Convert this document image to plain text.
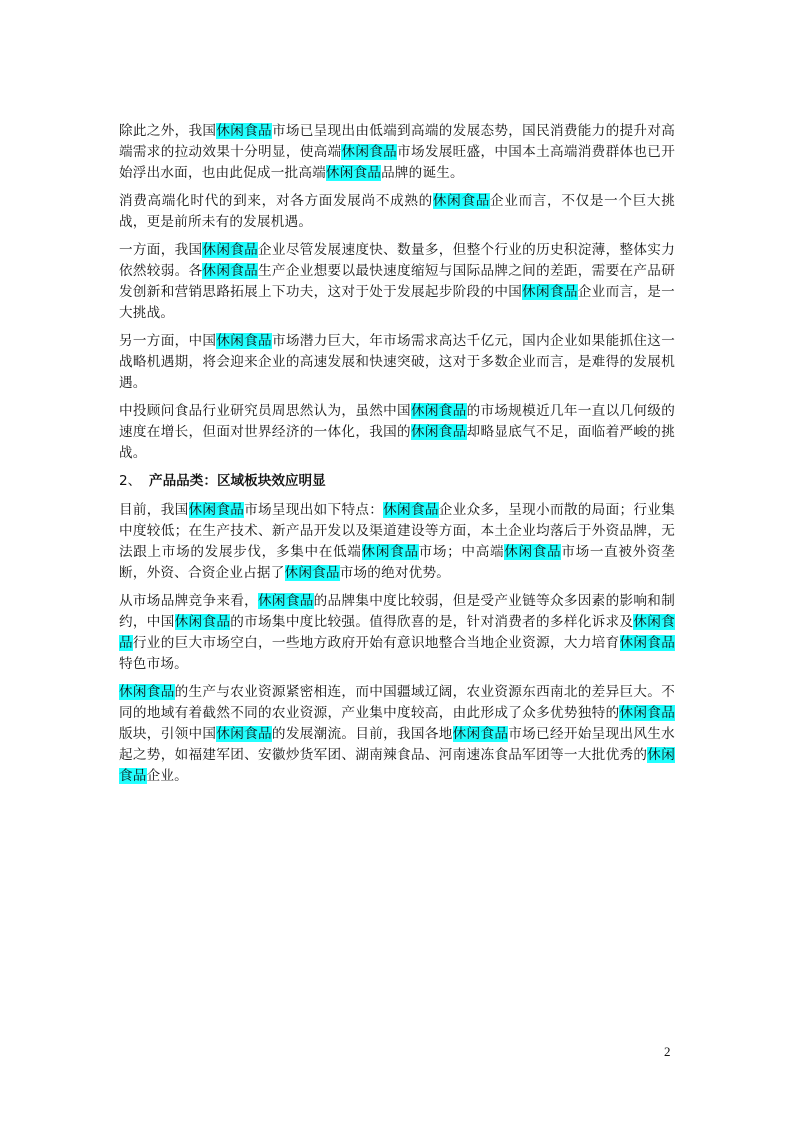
除此之外，我国休闲食品市场已呈现出由低端到高端的发展态势，国民消费能力的提升对高端需求的拉动效果十分明显，使高端休闲食品市场发展旺盛，中国本土高端消费群体也已开始浮出水面，也由此促成一批高端休闲食品品牌的诞生。

消费高端化时代的到来，对各方面发展尚不成熟的休闲食品企业而言，不仅是一个巨大挑战，更是前所未有的发展机遇。

一方面，我国休闲食品企业尽管发展速度快、数量多，但整个行业的历史积淀薄，整体实力依然较弱。各休闲食品生产企业想要以最快速度缩短与国际品牌之间的差距，需要在产品研发创新和营销思路拓展上下功夫，这对于处于发展起步阶段的中国休闲食品企业而言，是一大挑战。

另一方面，中国休闲食品市场潜力巨大，年市场需求高达千亿元，国内企业如果能抓住这一战略机遇期，将会迎来企业的高速发展和快速突破，这对于多数企业而言，是难得的发展机遇。

中投顾问食品行业研究员周思然认为，虽然中国休闲食品的市场规模近几年一直以几何级的速度在增长，但面对世界经济的一体化，我国的休闲食品却略显底气不足，面临着严峻的挑战。

2、 产品品类：区域板块效应明显

目前，我国休闲食品市场呈现出如下特点：休闲食品企业众多，呈现小而散的局面；行业集中度较低；在生产技术、新产品开发以及渠道建设等方面，本土企业均落后于外资品牌，无法跟上市场的发展步伐，多集中在低端休闲食品市场；中高端休闲食品市场一直被外资垄断，外资、合资企业占据了休闲食品市场的绝对优势。

从市场品牌竞争来看，休闲食品的品牌集中度比较弱，但是受产业链等众多因素的影响和制约，中国休闲食品的市场集中度比较强。值得欣喜的是，针对消费者的多样化诉求及休闲食品行业的巨大市场空白，一些地方政府开始有意识地整合当地企业资源，大力培育休闲食品特色市场。

休闲食品的生产与农业资源紧密相连，而中国疆域辽阔，农业资源东西南北的差异巨大。不同的地域有着截然不同的农业资源，产业集中度较高，由此形成了众多优势独特的休闲食品版块，引领中国休闲食品的发展潮流。目前，我国各地休闲食品市场已经开始呈现出风生水起之势，如福建军团、安徽炒货军团、湖南辣食品、河南速冻食品军团等一大批优秀的休闲食品企业。

2
